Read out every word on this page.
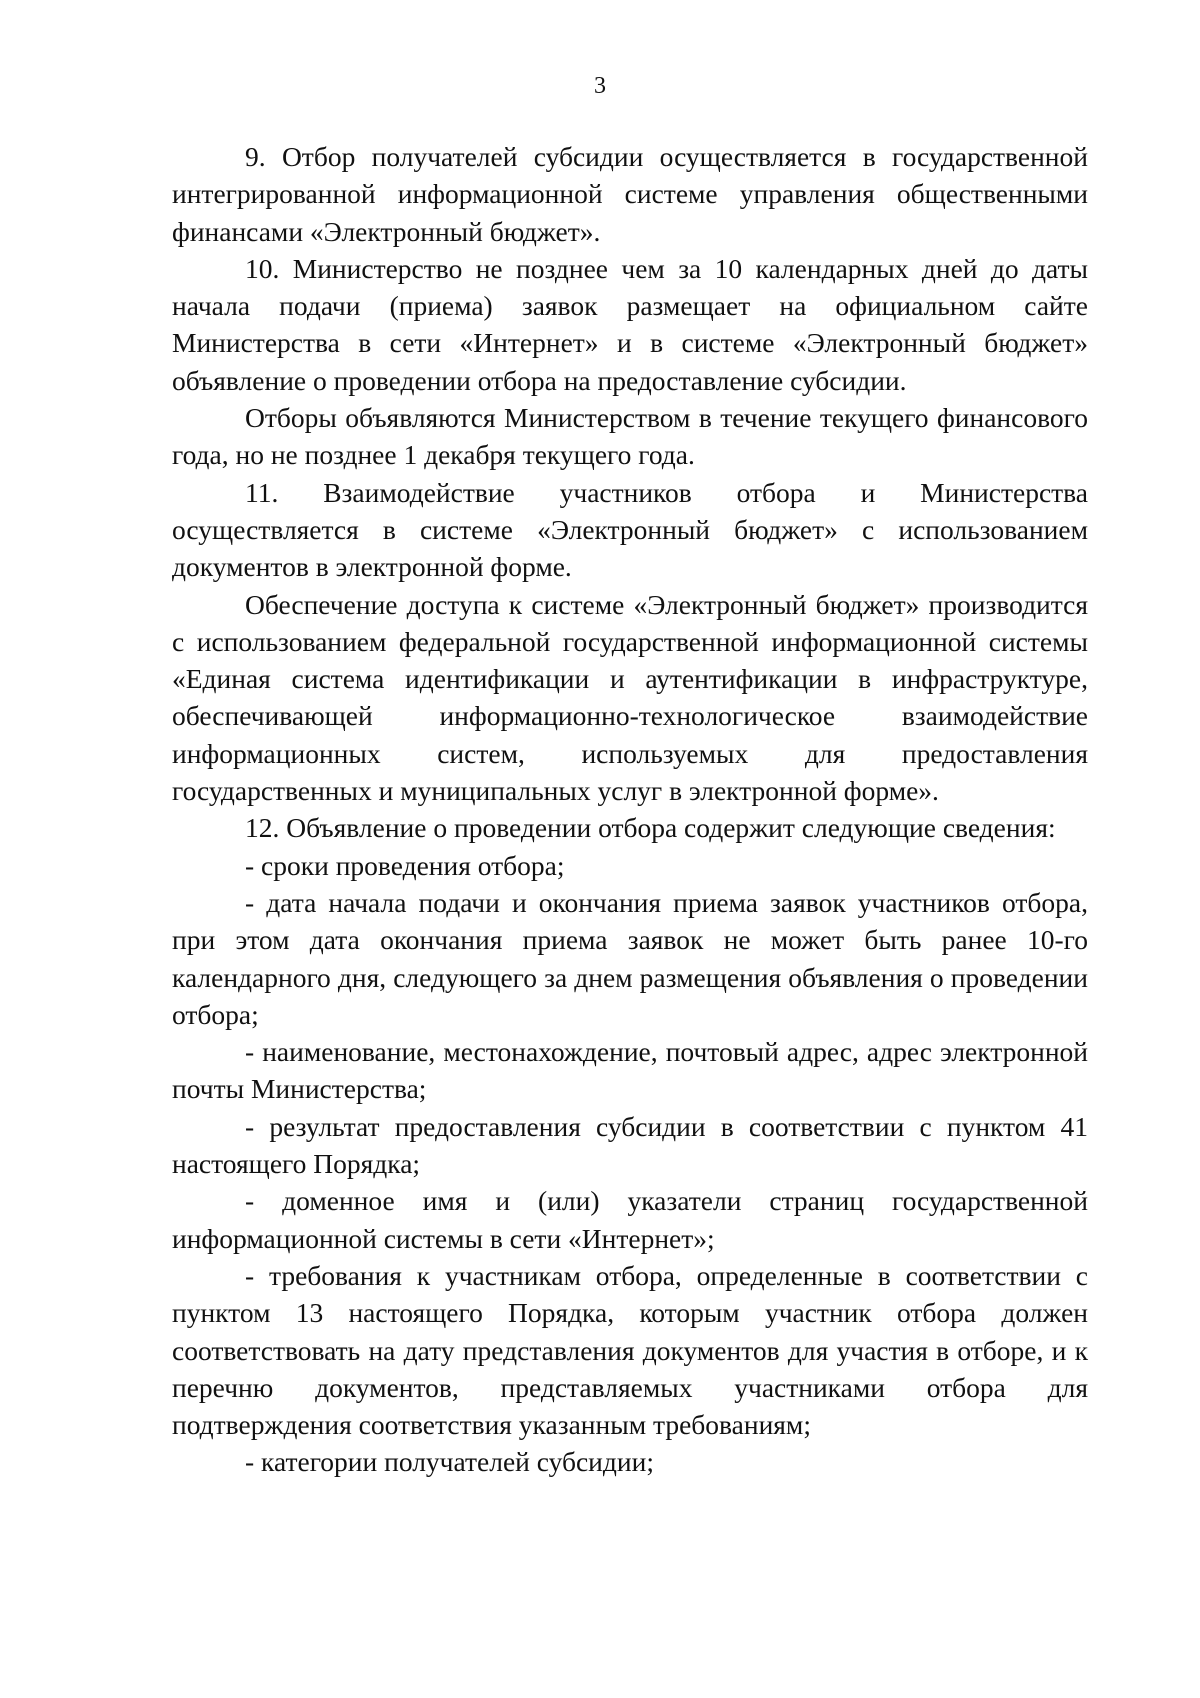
3

9. Отбор получателей субсидии осуществляется в государственной интегрированной информационной системе управления общественными финансами «Электронный бюджет».

10. Министерство не позднее чем за 10 календарных дней до даты начала подачи (приема) заявок размещает на официальном сайте Министерства в сети «Интернет» и в системе «Электронный бюджет» объявление о проведении отбора на предоставление субсидии.

Отборы объявляются Министерством в течение текущего финансового года, но не позднее 1 декабря текущего года.

11. Взаимодействие участников отбора и Министерства осуществляется в системе «Электронный бюджет» с использованием документов в электронной форме.

Обеспечение доступа к системе «Электронный бюджет» производится с использованием федеральной государственной информационной системы «Единая система идентификации и аутентификации в инфраструктуре, обеспечивающей информационно-технологическое взаимодействие информационных систем, используемых для предоставления государственных и муниципальных услуг в электронной форме».

12. Объявление о проведении отбора содержит следующие сведения:

- сроки проведения отбора;

- дата начала подачи и окончания приема заявок участников отбора, при этом дата окончания приема заявок не может быть ранее 10-го календарного дня, следующего за днем размещения объявления о проведении отбора;

- наименование, местонахождение, почтовый адрес, адрес электронной почты Министерства;

- результат предоставления субсидии в соответствии с пунктом 41 настоящего Порядка;

- доменное имя и (или) указатели страниц государственной информационной системы в сети «Интернет»;

- требования к участникам отбора, определенные в соответствии с пунктом 13 настоящего Порядка, которым участник отбора должен соответствовать на дату представления документов для участия в отборе, и к перечню документов, представляемых участниками отбора для подтверждения соответствия указанным требованиям;

- категории получателей субсидии;
